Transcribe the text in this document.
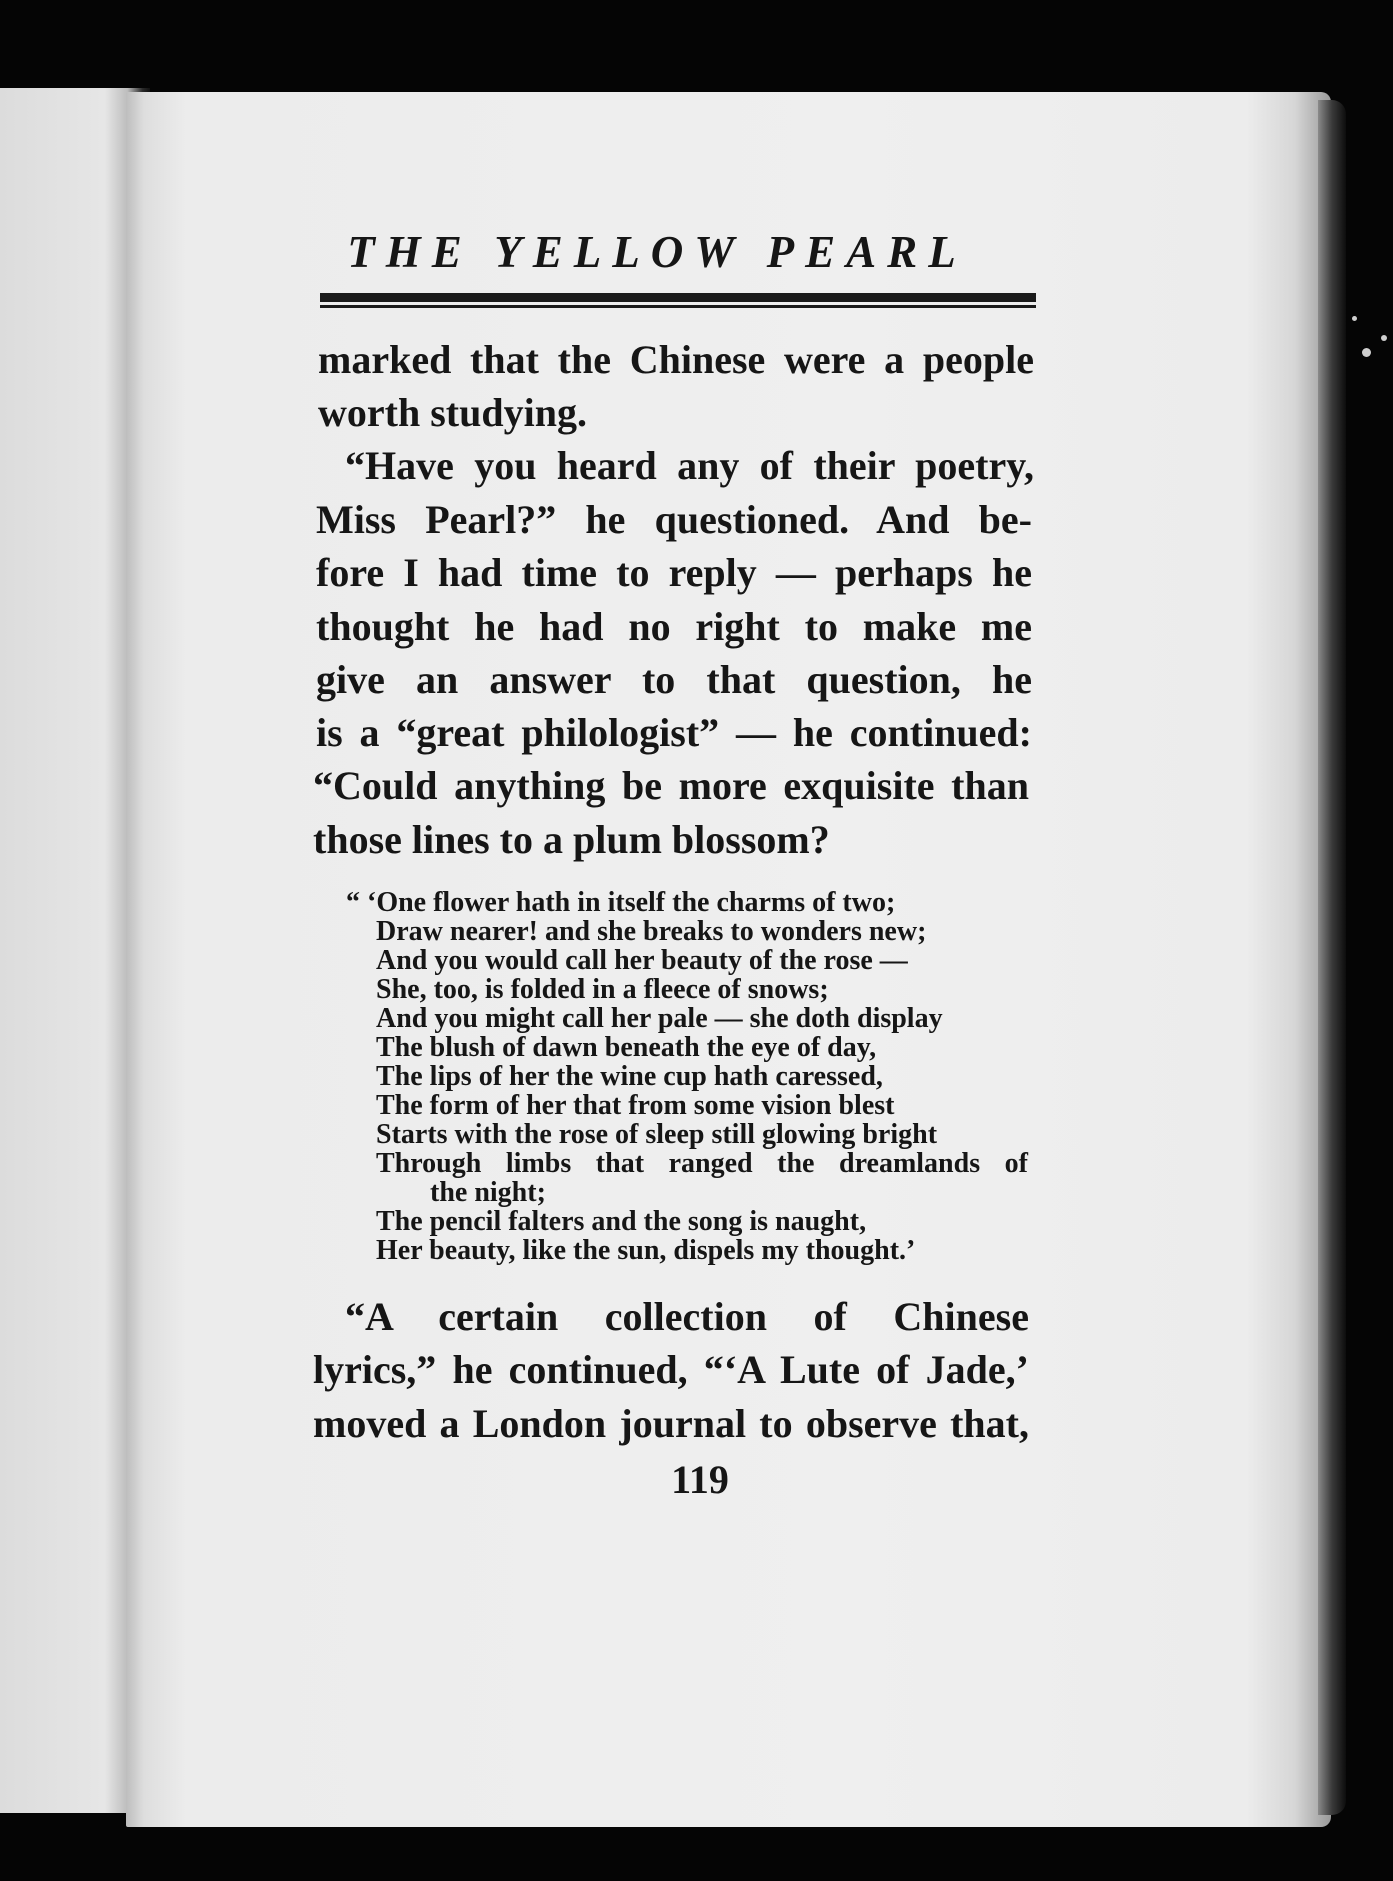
THE YELLOW PEARL
marked that the Chinese were a people
worth studying.
“Have you heard any of their poetry,
Miss Pearl?” he questioned. And be-
fore I had time to reply — perhaps he
thought he had no right to make me
give an answer to that question, he
is a “great philologist” — he continued:
“Could anything be more exquisite than
those lines to a plum blossom?
“ ‘One flower hath in itself the charms of two;
Draw nearer! and she breaks to wonders new;
And you would call her beauty of the rose —
She, too, is folded in a fleece of snows;
And you might call her pale — she doth display
The blush of dawn beneath the eye of day,
The lips of her the wine cup hath caressed,
The form of her that from some vision blest
Starts with the rose of sleep still glowing bright
Through limbs that ranged the dreamlands of
the night;
The pencil falters and the song is naught,
Her beauty, like the sun, dispels my thought.’
“A certain collection of Chinese
lyrics,” he continued, “‘A Lute of Jade,’
moved a London journal to observe that,
119
